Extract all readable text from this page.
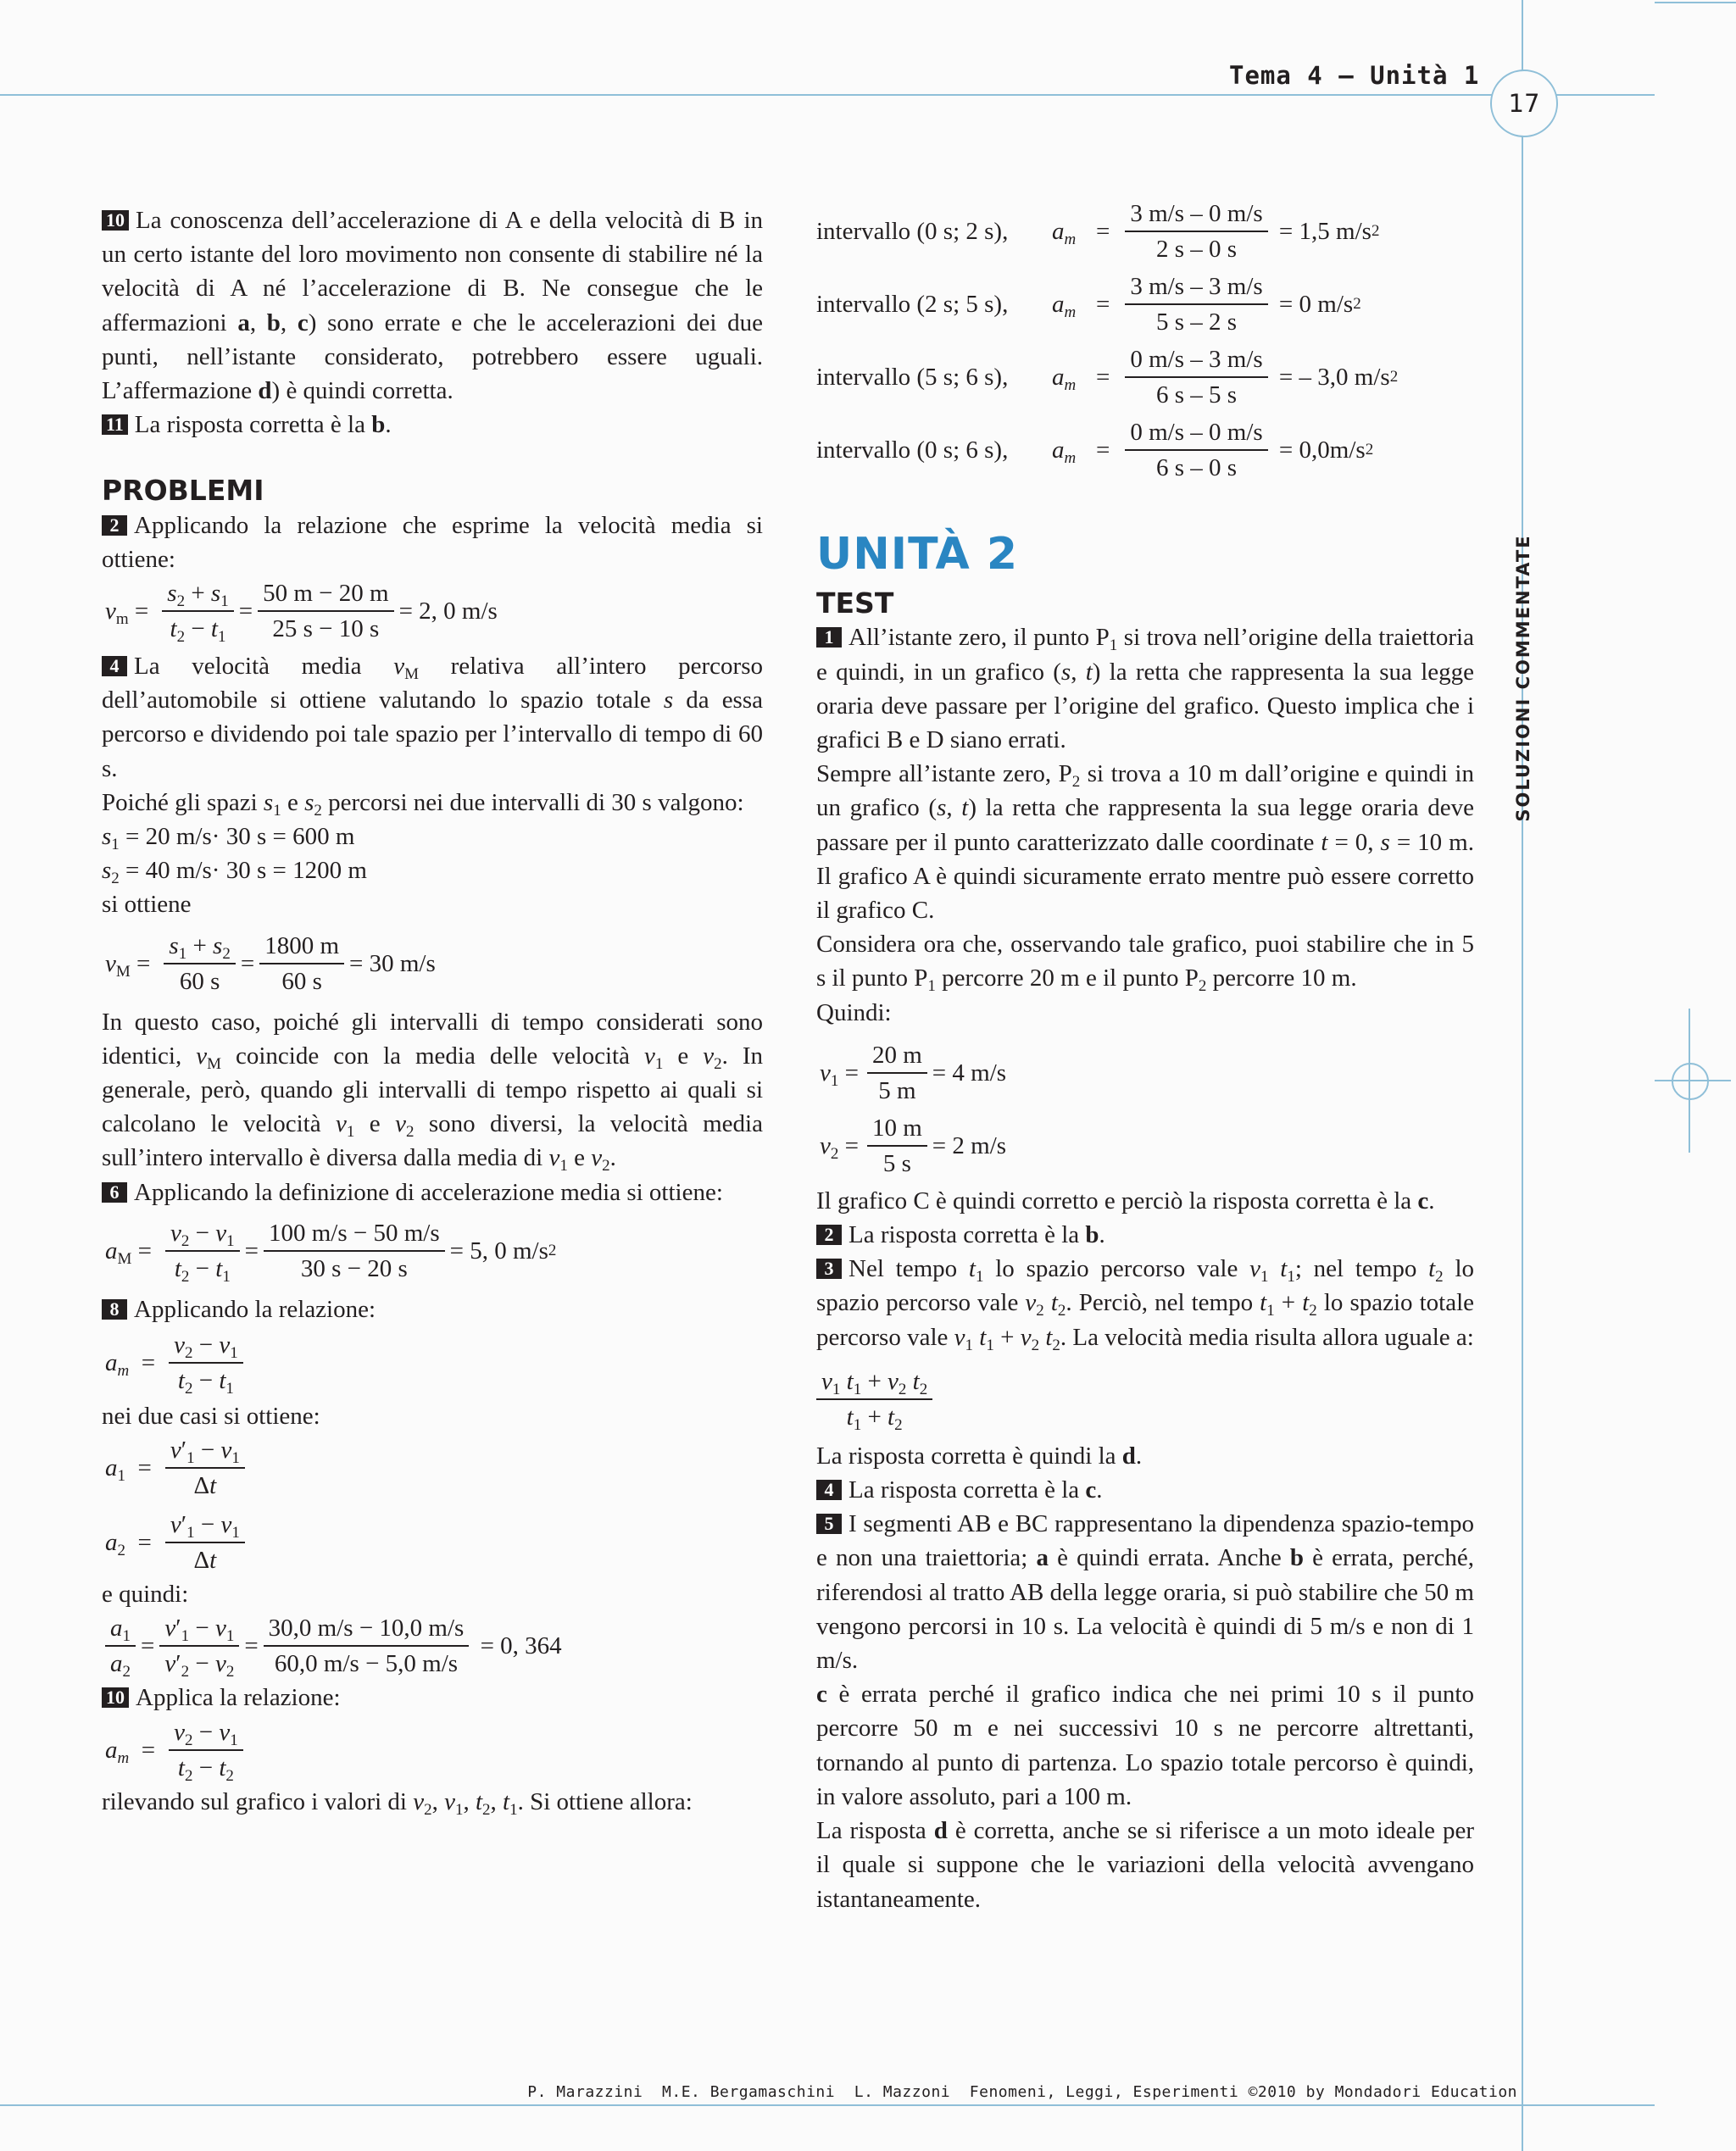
Tema 4 – Unità 1
17
SOLUZIONI COMMENTATE

10 La conoscenza dell’accelerazione di A e della velocità di B in un certo istante del loro movimento non consente di stabilire né la velocità di A né l’accelerazione di B. Ne consegue che le affermazioni a, b, c) sono errate e che le accelerazioni dei due punti, nell’istante considerato, potrebbero essere uguali. L’affermazione d) è quindi corretta.

11 La risposta corretta è la b.

PROBLEMI

2 Applicando la relazione che esprime la velocità media si ottiene:

$v_m = \frac{s_2 + s_1}{t_2 - t_1} = \frac{50 m - 20 m}{25 s - 10 s} = 2$, 0 m/s

4 La velocità media $v_M$ relativa all’intero percorso dell’automobile si ottiene valutando lo spazio totale s da essa percorso e dividendo poi tale spazio per l’intervallo di tempo di 60 s.

Poiché gli spazi $s_1$ e $s_2$ percorsi nei due intervalli di 30 s valgono:

$s_1 = 20$ m/s· 30 s = 600 m

$s_2 = 40$ m/s· 30 s = 1200 m

si ottiene

$v_M = \frac{s_1 + s_2}{60 s} = \frac{1800 m}{60 s} = 30$ m/s

In questo caso, poiché gli intervalli di tempo considerati sono identici, $v_M$ coincide con la media delle velocità $v_1$ e $v_2$. In generale, però, quando gli intervalli di tempo rispetto ai quali si calcolano le velocità $v_1$ e $v_2$ sono diversi, la velocità media sull’intero intervallo è diversa dalla media di $v_1$ e $v_2$.

6 Applicando la definizione di accelerazione media si ottiene:

$a_M = \frac{v_2 - v_1}{t_2 - t_1} = \frac{100 m/s - 50 m/s}{30 s - 20 s} = 5$, 0 m/s 2

8 Applicando la relazione:

$a_m = \frac{v_2 - v_1}{t_2 - t_1}$

nei due casi si ottiene:

$a_1 = \frac{v'_1 - v_1}{\Delta t}$
$a_2 = \frac{v'_1 - v_1}{\Delta t}$

e quindi:

$\frac{a_1}{a_2} = \frac{v'_1 - v_1}{v'_2 - v_2} = \frac{30,0 m/s - 10,0 m/s}{60,0 m/s - 5,0 m/s} = 0$, 364

10 Applica la relazione:

$a_m = \frac{v_2 - v_1}{t_2 - t_2}$

rilevando sul grafico i valori di $v_2$, $v_1$, $t_2$, $t_1$. Si ottiene allora:

intervallo (0 s; 2 s),	$a_m = \frac{3 m/s - 0 m/s}{2 s - 0 s} = 1,5$ m/s 2
intervallo (2 s; 5 s),	$a_m = \frac{3 m/s - 3 m/s}{5 s - 2 s} = 0$ m/s 2
intervallo (5 s; 6 s),	$a_m = \frac{0 m/s - 3 m/s}{6 s - 5 s}$ = – 3,0 m/s 2
intervallo (0 s; 6 s),	$a_m = \frac{0 m/s - 0 m/s}{6 s - 0 s} = 0,0m/s$ 2

UNITÀ 2

TEST

1 All’istante zero, il punto $P_1$ si trova nell’origine della traiettoria e quindi, in un grafico (s, t) la retta che rappresenta la sua legge oraria deve passare per l’origine del grafico. Questo implica che i grafici B e D siano errati.

Sempre all’istante zero, $P_2$ si trova a 10 m dall’origine e quindi in un grafico (s, t) la retta che rappresenta la sua legge oraria deve passare per il punto caratterizzato dalle coordinate t = 0, s = 10 m. Il grafico A è quindi sicuramente errato mentre può essere corretto il grafico C.

Considera ora che, osservando tale grafico, puoi stabilire che in 5 s il punto $P_1$ percorre 20 m e il punto $P_2$ percorre 10 m.

Quindi:

$v_1 = \frac{20 m}{5 m} = 4$ m/s
$v_2 = \frac{10 m}{5 s} = 2$ m/s

Il grafico C è quindi corretto e perciò la risposta corretta è la c.

2 La risposta corretta è la b.

3 Nel tempo $t_1$ lo spazio percorso vale $v_1$ $t_1$; nel tempo $t_2$ lo spazio percorso vale $v_2$ $t_2$. Perciò, nel tempo $t_1 + t_2$ lo spazio totale percorso vale $v_1$ $t_1 + v_2$ $t_2$. La velocità media risulta allora uguale a:

$\frac{v_1 t_1 + v_2 t_2}{t_1 + t_2}$

La risposta corretta è quindi la d.

4 La risposta corretta è la c.

5 I segmenti AB e BC rappresentano la dipendenza spazio-tempo e non una traiettoria; a è quindi errata. Anche b è errata, perché, riferendosi al tratto AB della legge oraria, si può stabilire che 50 m vengono percorsi in 10 s. La velocità è quindi di 5 m/s e non di 1 m/s.

c è errata perché il grafico indica che nei primi 10 s il punto percorre 50 m e nei successivi 10 s ne percorre altrettanti, tornando al punto di partenza. Lo spazio totale percorso è quindi, in valore assoluto, pari a 100 m.

La risposta d è corretta, anche se si riferisce a un moto ideale per il quale si suppone che le variazioni della velocità avvengano istantaneamente.

P. Marazzini  M.E. Bergamaschini  L. Mazzoni  Fenomeni, Leggi, Esperimenti ©2010 by Mondadori Education
